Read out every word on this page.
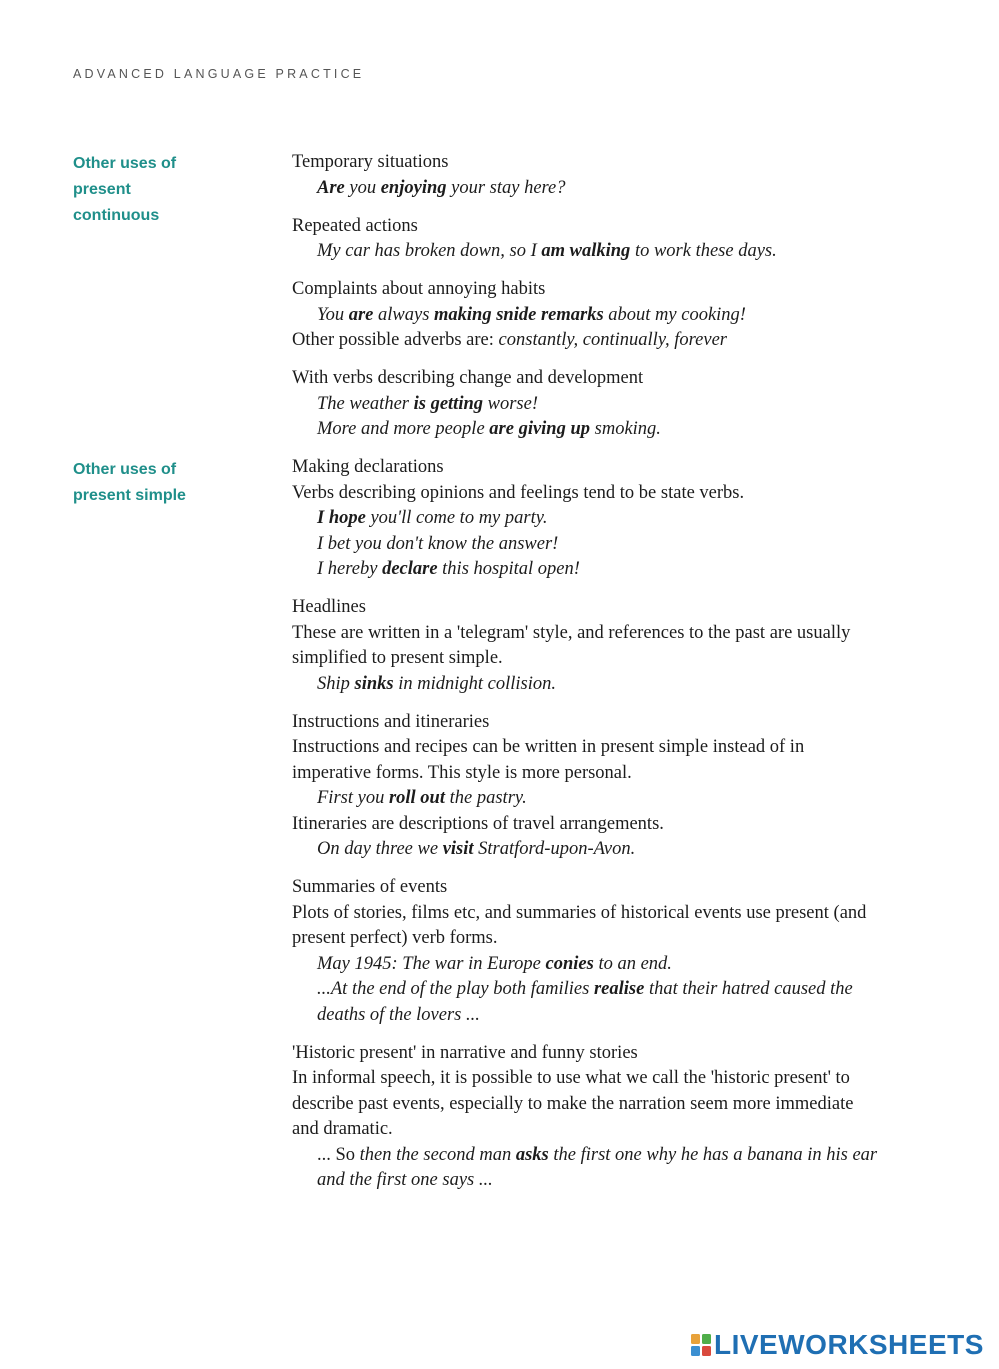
ADVANCED LANGUAGE PRACTICE
Other uses of
present
continuous
Other uses of
present simple
Temporary situations
Are you enjoying your stay here?
Repeated actions
My car has broken down, so I am walking to work these days.
Complaints about annoying habits
You are always making snide remarks about my cooking!
Other possible adverbs are: constantly, continually, forever
With verbs describing change and development
The weather is getting worse!
More and more people are giving up smoking.
Making declarations
Verbs describing opinions and feelings tend to be state verbs.
I hope you'll come to my party.
I bet you don't know the answer!
I hereby declare this hospital open!
Headlines
These are written in a 'telegram' style, and references to the past are usually
simplified to present simple.
Ship sinks in midnight collision.
Instructions and itineraries
Instructions and recipes can be written in present simple instead of in
imperative forms. This style is more personal.
First you roll out the pastry.
Itineraries are descriptions of travel arrangements.
On day three we visit Stratford-upon-Avon.
Summaries of events
Plots of stories, films etc, and summaries of historical events use present (and
present perfect) verb forms.
May 1945: The war in Europe conies to an end.
...At the end of the play both families realise that their hatred caused the
deaths of the lovers ...
'Historic present' in narrative and funny stories
In informal speech, it is possible to use what we call the 'historic present' to
describe past events, especially to make the narration seem more immediate
and dramatic.
... So then the second man asks the first one why he has a banana in his ear
and the first one says ...
LIVEWORKSHEETS
